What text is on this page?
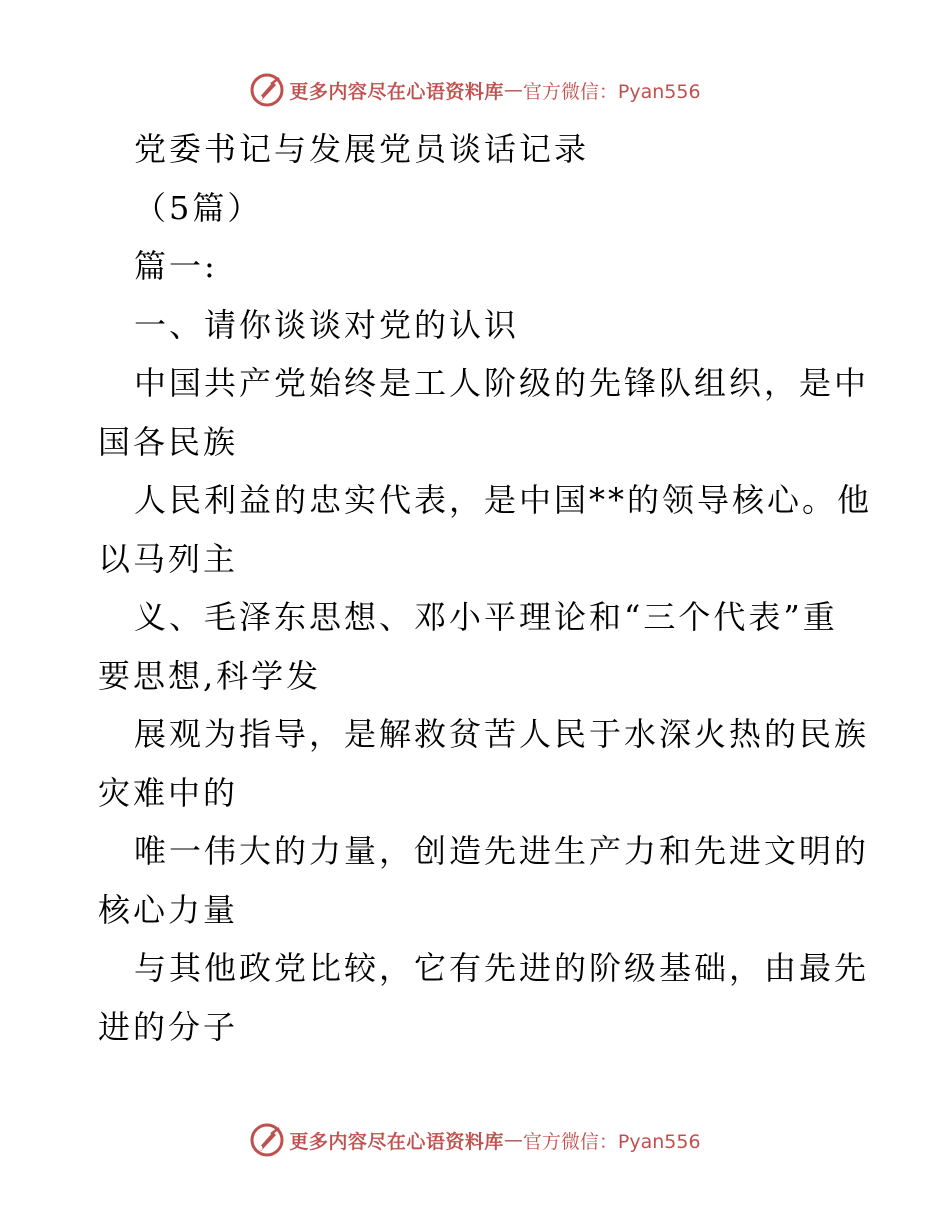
更多内容尽在心语资料库 — 官方微信：Pyan556
党委书记与发展党员谈话记录
（5篇）
篇一:
一、请你谈谈对党的认识
中国共产党始终是工人阶级的先锋队组织，是中
国各民族
人民利益的忠实代表，是中国**的领导核心。他
以马列主
义、毛泽东思想、邓小平理论和“三个代表”重
要思想,科学发
展观为指导，是解救贫苦人民于水深火热的民族
灾难中的
唯一伟大的力量，创造先进生产力和先进文明的
核心力量
与其他政党比较，它有先进的阶级基础，由最先
进的分子
更多内容尽在心语资料库 — 官方微信：Pyan556
